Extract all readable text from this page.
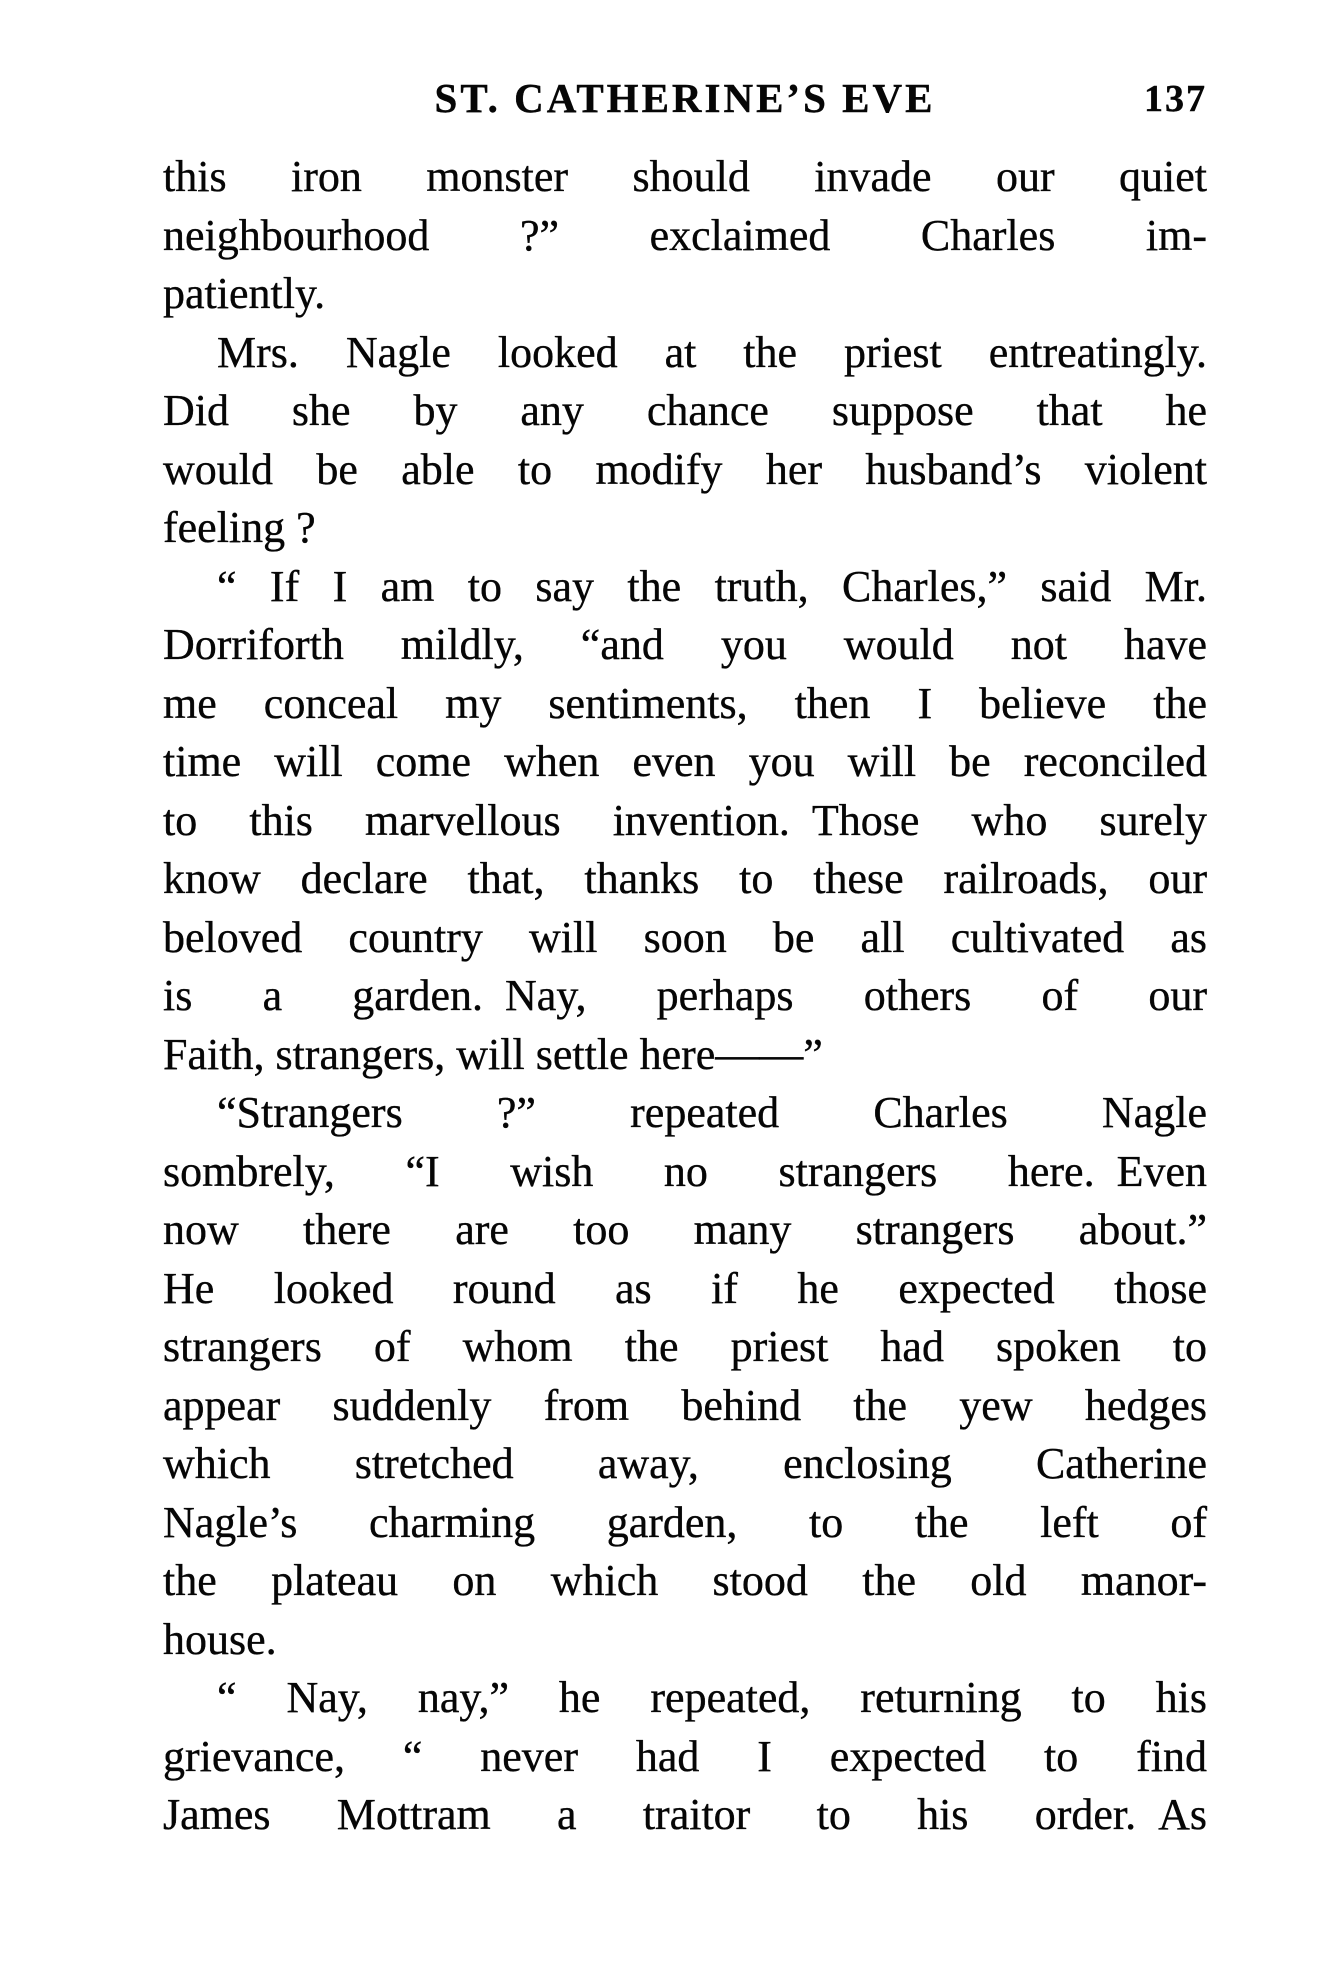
ST. CATHERINE’S EVE	137
this iron monster should invade our quiet
neighbourhood ?” exclaimed Charles im-
patiently.
Mrs. Nagle looked at the priest entreatingly.
Did she by any chance suppose that he
would be able to modify her husband’s violent
feeling ?
“ If I am to say the truth, Charles,” said Mr.
Dorriforth mildly, “and you would not have
me conceal my sentiments, then I believe the
time will come when even you will be reconciled
to this marvellous invention. Those who surely
know declare that, thanks to these railroads, our
beloved country will soon be all cultivated as
is a garden. Nay, perhaps others of our
Faith, strangers, will settle here——”
“Strangers ?” repeated Charles Nagle
sombrely, “I wish no strangers here. Even
now there are too many strangers about.”
He looked round as if he expected those
strangers of whom the priest had spoken to
appear suddenly from behind the yew hedges
which stretched away, enclosing Catherine
Nagle’s charming garden, to the left of
the plateau on which stood the old manor-
house.
“ Nay, nay,” he repeated, returning to his
grievance, “ never had I expected to find
James Mottram a traitor to his order. As
